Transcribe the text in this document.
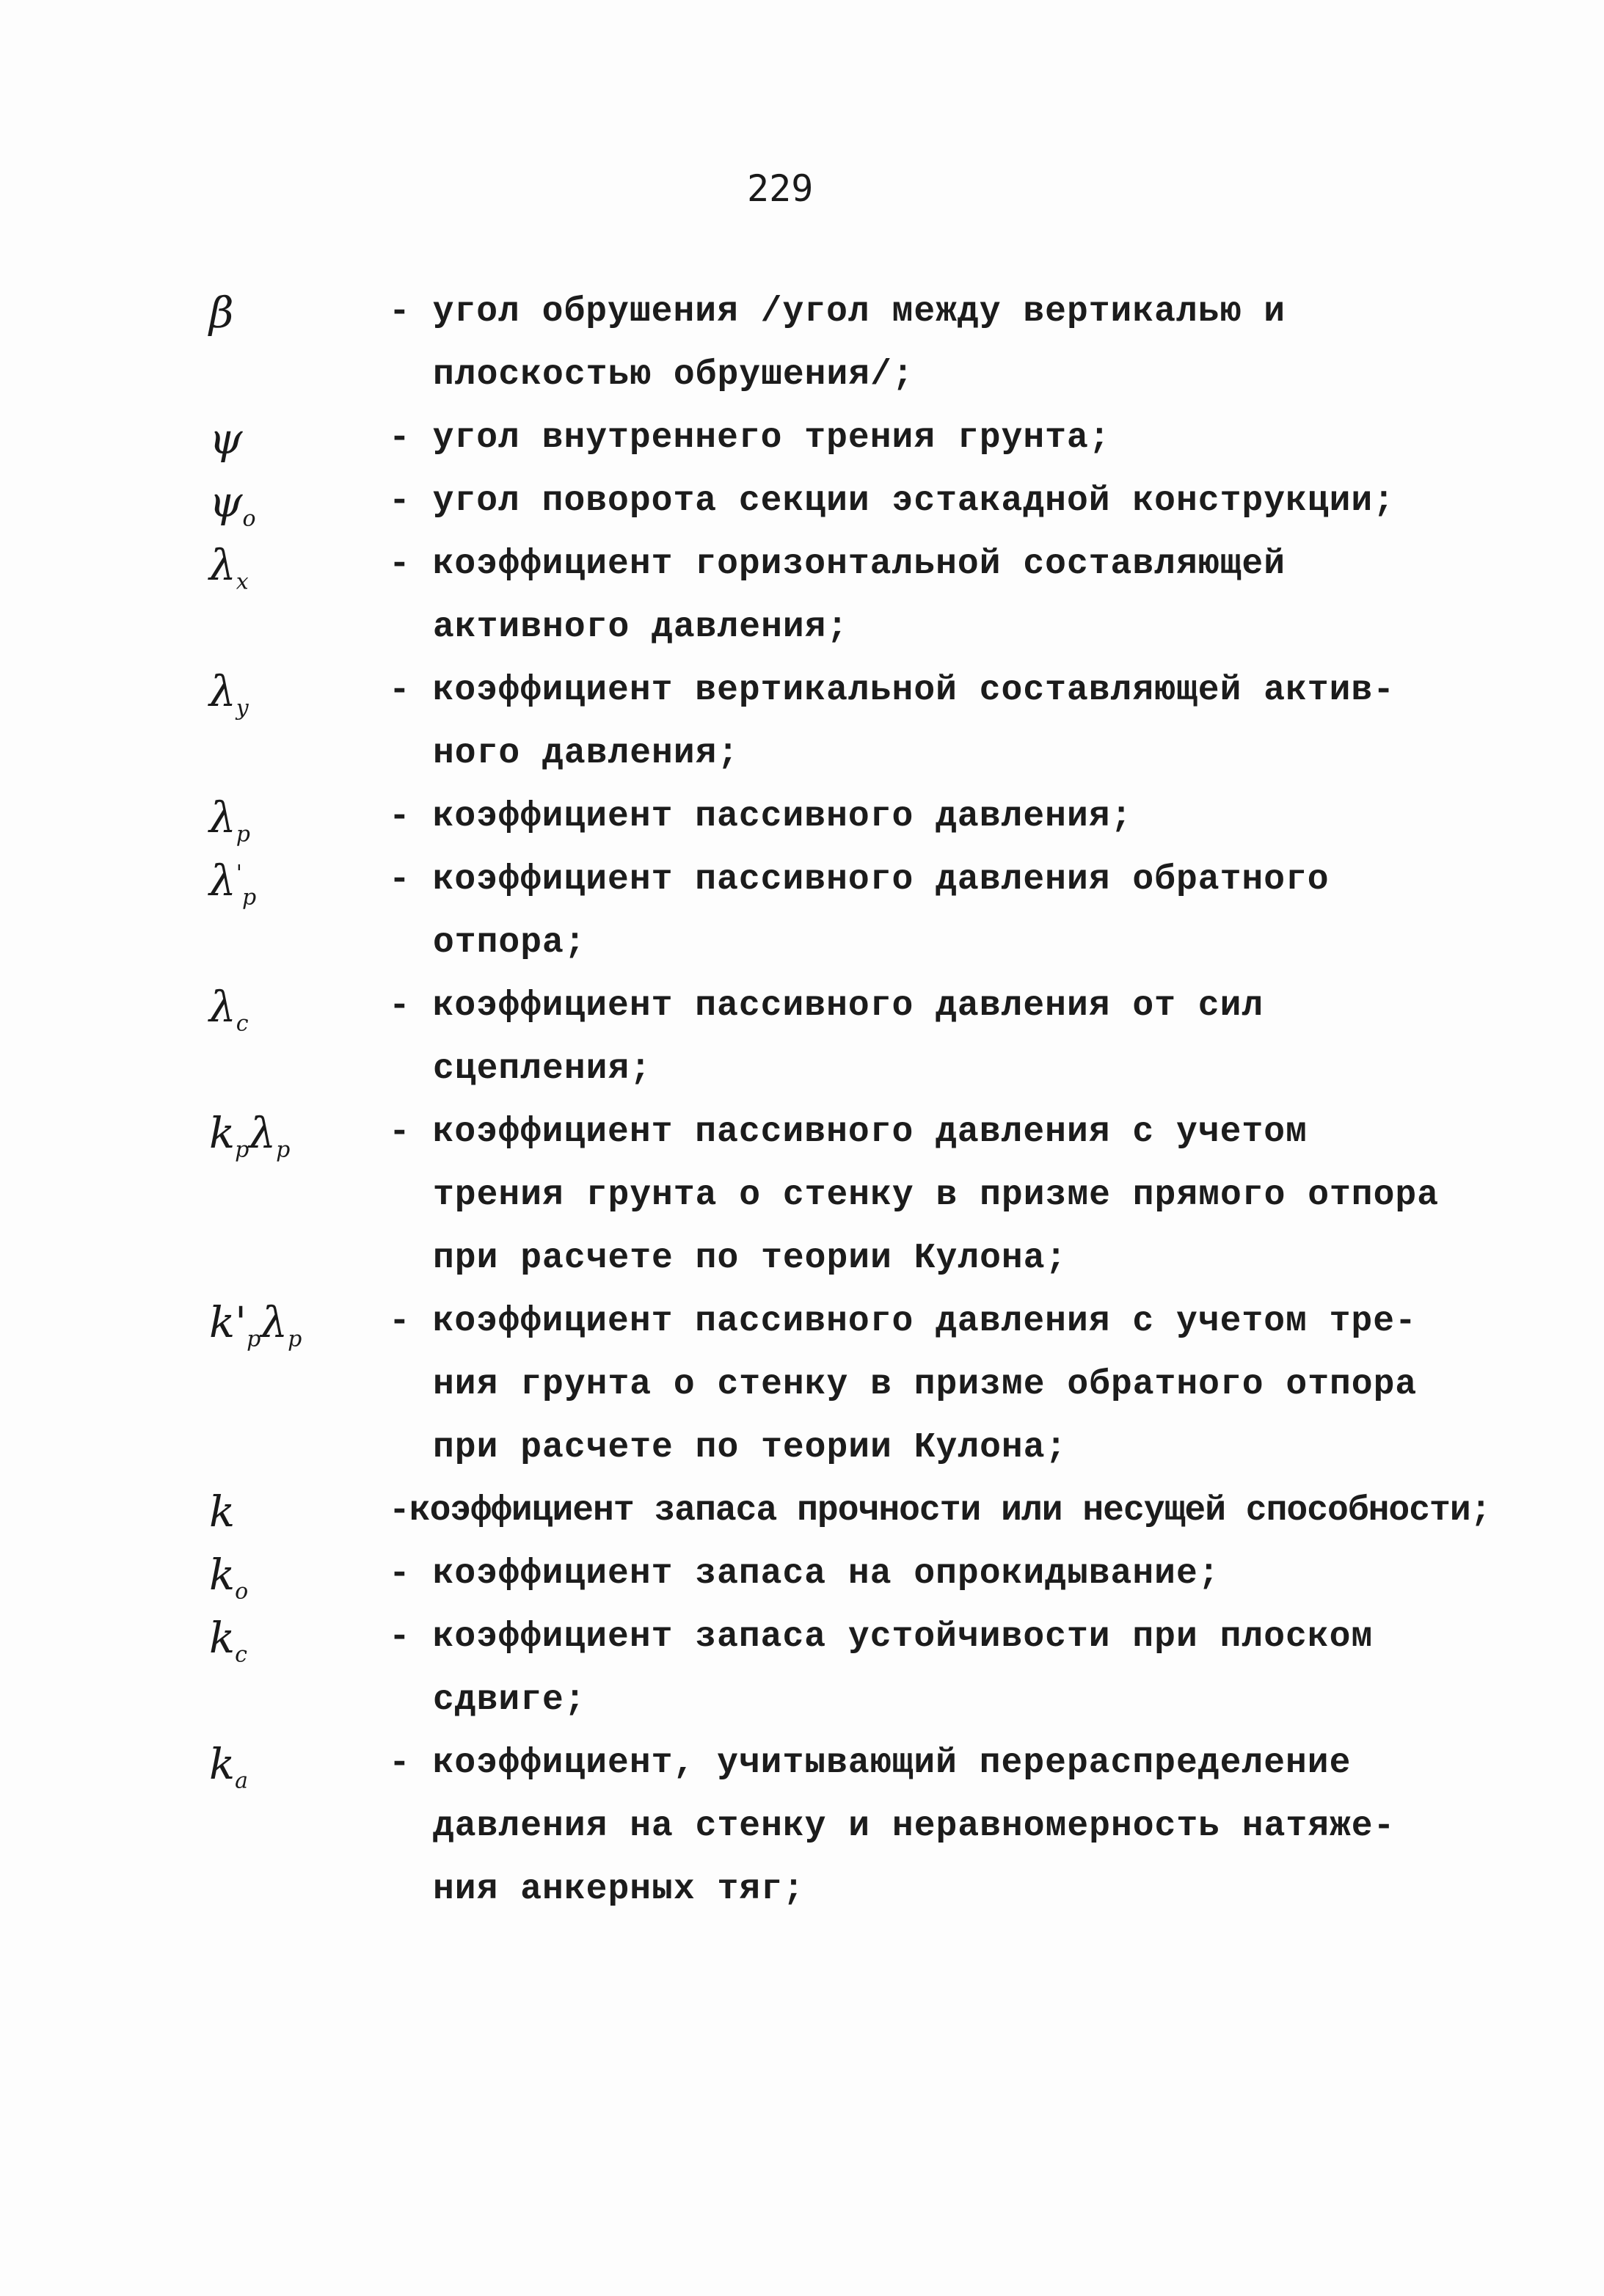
229
β	- угол обрушения /угол между вертикалью и
плоскостью обрушения/;
ψ	- угол внутреннего трения грунта;
$\psi_o$	- угол поворота секции эстакадной конструкции;
$\lambda_x$	- коэффициент горизонтальной составляющей
активного давления;
$\lambda_y$	- коэффициент вертикальной составляющей актив-
ного давления;
$\lambda_p$	- коэффициент пассивного давления;
$\lambda'_p$	- коэффициент пассивного давления обратного
отпора;
$\lambda_c$	- коэффициент пассивного давления от сил
сцепления;
$k_p\lambda_p$	- коэффициент пассивного давления с учетом
трения грунта о стенку в призме прямого отпора
при расчете по теории Кулона;
$k'_p\lambda_p$ - коэффициент пассивного давления с учетом тре-
ния грунта о стенку в призме обратного отпора
при расчете по теории Кулона;
k	-коэффициент запаса прочности или несущей способности;
$k_o$	- коэффициент запаса на опрокидывание;
$k_c$	- коэффициент запаса устойчивости при плоском
сдвиге;
$k_a$	- коэффициент, учитывающий перераспределение
давления на стенку и неравномерность натяже-
ния анкерных тяг;
